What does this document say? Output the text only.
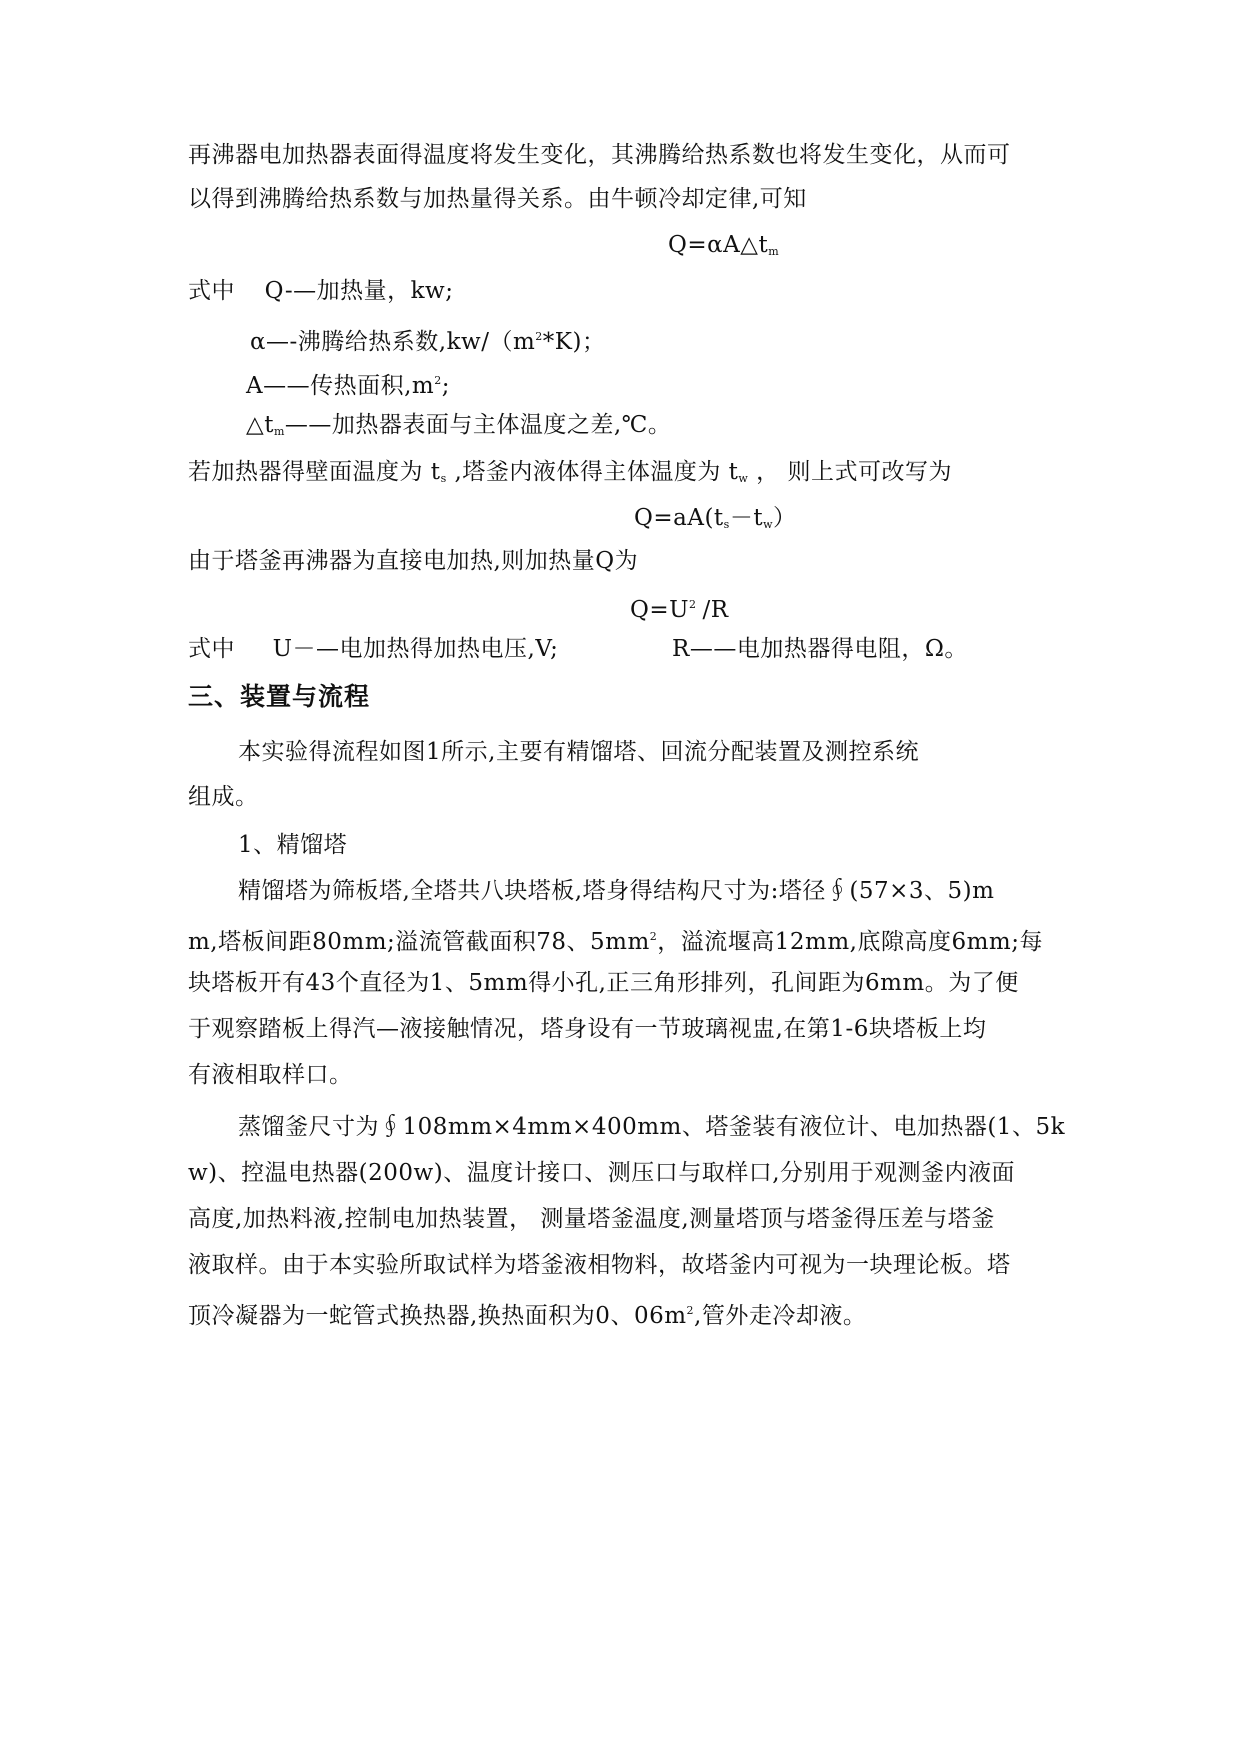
再沸器电加热器表面得温度将发生变化，其沸腾给热系数也将发生变化，从而可
以得到沸腾给热系数与加热量得关系。由牛顿冷却定律,可知
$Q=\alpha A\triangle t_m$
式中 Q-—加热量，kw;
α—-沸腾给热系数$,kw/(m^2*K)$；
A——传热面积$,m^2$;
$\triangle t_m——$加热器表面与主体温度之差,℃。
若加热器得壁面温度为 $t_s$ ,塔釜内液体得主体温度为 $t_w$ ， 则上式可改写为
$Q=aA(t_s-t_w)$
由于塔釜再沸器为直接电加热,则加热量Q为
$Q=U^2$ /R
式中 U－—电加热得加热电压,V;	R——电加热器得电阻，Ω。
三、装置与流程
本实验得流程如图1所示,主要有精馏塔、回流分配装置及测控系统
组成。
1、精馏塔
精馏塔为筛板塔,全塔共八块塔板,塔身得结构尺寸为:塔径∮(57×3、5)m
m,塔板间距80mm;溢流管截面积78、$5mm^2$，溢流堰高12mm,底隙高度6mm;每
块塔板开有43个直径为1、5mm得小孔,正三角形排列，孔间距为6mm。为了便
于观察踏板上得汽—液接触情况，塔身设有一节玻璃视盅,在第1-6块塔板上均
有液相取样口。
蒸馏釜尺寸为∮108mm×4mm×400mm、塔釜装有液位计、电加热器(1、5k
w)、控温电热器(200w)、温度计接口、测压口与取样口,分别用于观测釜内液面
高度,加热料液,控制电加热装置， 测量塔釜温度,测量塔顶与塔釜得压差与塔釜
液取样。由于本实验所取试样为塔釜液相物料，故塔釜内可视为一块理论板。塔
顶冷凝器为一蛇管式换热器,换热面积为0、$06m^2$,管外走冷却液。
